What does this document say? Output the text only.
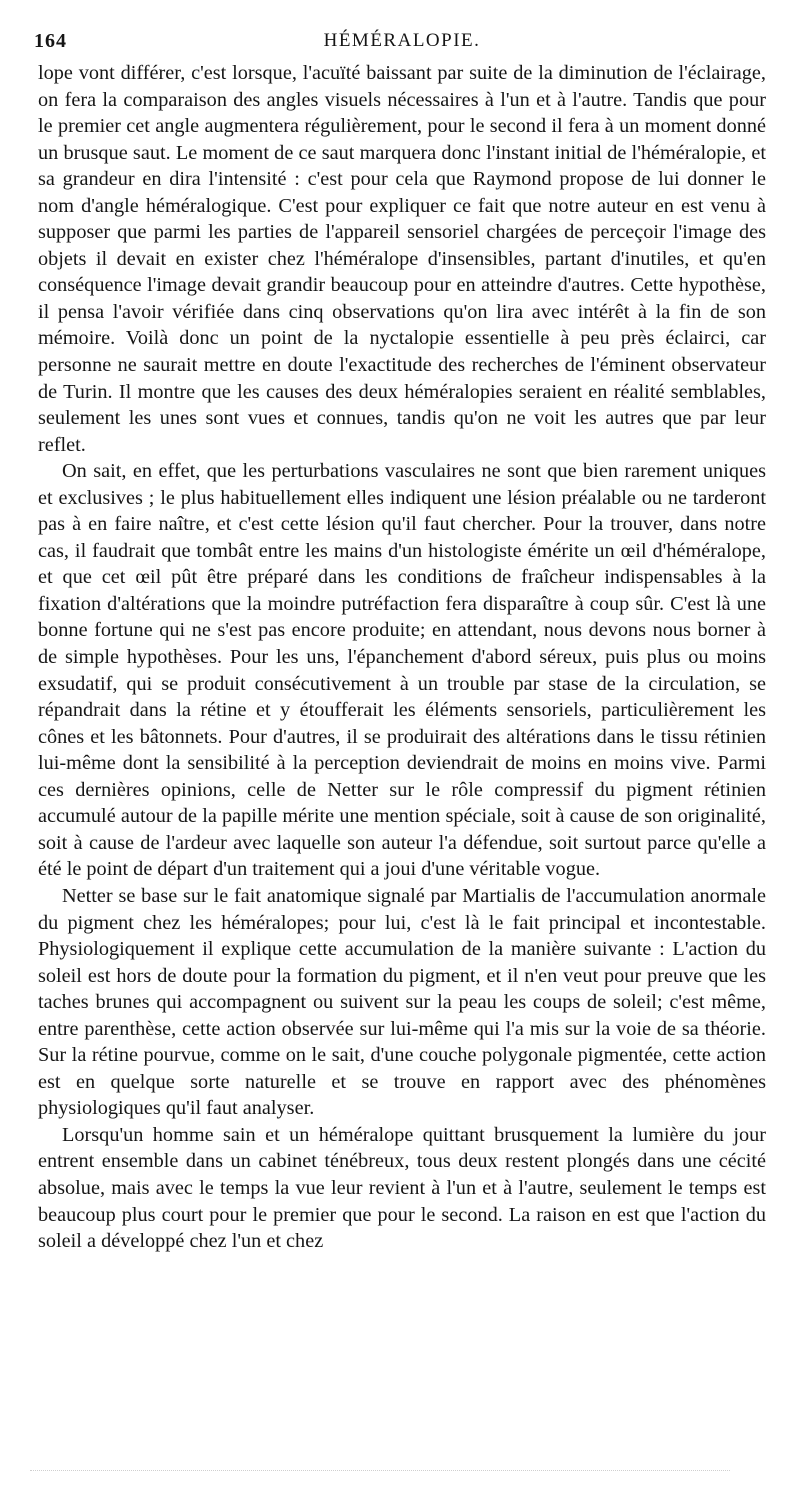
164	HÉMÉRALOPIE.

lope vont différer, c'est lorsque, l'acuïté baissant par suite de la diminution de l'éclairage, on fera la comparaison des angles visuels nécessaires à l'un et à l'autre. Tandis que pour le premier cet angle augmentera régulièrement, pour le second il fera à un moment donné un brusque saut. Le moment de ce saut marquera donc l'instant initial de l'héméralopie, et sa grandeur en dira l'intensité : c'est pour cela que Raymond propose de lui donner le nom d'angle héméralogique. C'est pour expliquer ce fait que notre auteur en est venu à supposer que parmi les parties de l'appareil sensoriel chargées de perceçoir l'image des objets il devait en exister chez l'héméralope d'insensibles, partant d'inutiles, et qu'en conséquence l'image devait grandir beaucoup pour en atteindre d'autres. Cette hypothèse, il pensa l'avoir vérifiée dans cinq observations qu'on lira avec intérêt à la fin de son mémoire. Voilà donc un point de la nyctalopie essentielle à peu près éclairci, car personne ne saurait mettre en doute l'exactitude des recherches de l'éminent observateur de Turin. Il montre que les causes des deux héméralopies seraient en réalité semblables, seulement les unes sont vues et connues, tandis qu'on ne voit les autres que par leur reflet.

On sait, en effet, que les perturbations vasculaires ne sont que bien rarement uniques et exclusives ; le plus habituellement elles indiquent une lésion préalable ou ne tarderont pas à en faire naître, et c'est cette lésion qu'il faut chercher. Pour la trouver, dans notre cas, il faudrait que tombât entre les mains d'un histologiste émérite un œil d'héméralope, et que cet œil pût être préparé dans les conditions de fraîcheur indispensables à la fixation d'altérations que la moindre putréfaction fera disparaître à coup sûr. C'est là une bonne fortune qui ne s'est pas encore produite; en attendant, nous devons nous borner à de simple hypothèses. Pour les uns, l'épanchement d'abord séreux, puis plus ou moins exsudatif, qui se produit consécutivement à un trouble par stase de la circulation, se répandrait dans la rétine et y étoufferait les éléments sensoriels, particulièrement les cônes et les bâtonnets. Pour d'autres, il se produirait des altérations dans le tissu rétinien lui-même dont la sensibilité à la perception deviendrait de moins en moins vive. Parmi ces dernières opinions, celle de Netter sur le rôle compressif du pigment rétinien accumulé autour de la papille mérite une mention spéciale, soit à cause de son originalité, soit à cause de l'ardeur avec laquelle son auteur l'a défendue, soit surtout parce qu'elle a été le point de départ d'un traitement qui a joui d'une véritable vogue.

Netter se base sur le fait anatomique signalé par Martialis de l'accumulation anormale du pigment chez les héméralopes; pour lui, c'est là le fait principal et incontestable. Physiologiquement il explique cette accumulation de la manière suivante : L'action du soleil est hors de doute pour la formation du pigment, et il n'en veut pour preuve que les taches brunes qui accompagnent ou suivent sur la peau les coups de soleil; c'est même, entre parenthèse, cette action observée sur lui-même qui l'a mis sur la voie de sa théorie. Sur la rétine pourvue, comme on le sait, d'une couche polygonale pigmentée, cette action est en quelque sorte naturelle et se trouve en rapport avec des phénomènes physiologiques qu'il faut analyser.

Lorsqu'un homme sain et un héméralope quittant brusquement la lumière du jour entrent ensemble dans un cabinet ténébreux, tous deux restent plongés dans une cécité absolue, mais avec le temps la vue leur revient à l'un et à l'autre, seulement le temps est beaucoup plus court pour le premier que pour le second. La raison en est que l'action du soleil a développé chez l'un et chez
